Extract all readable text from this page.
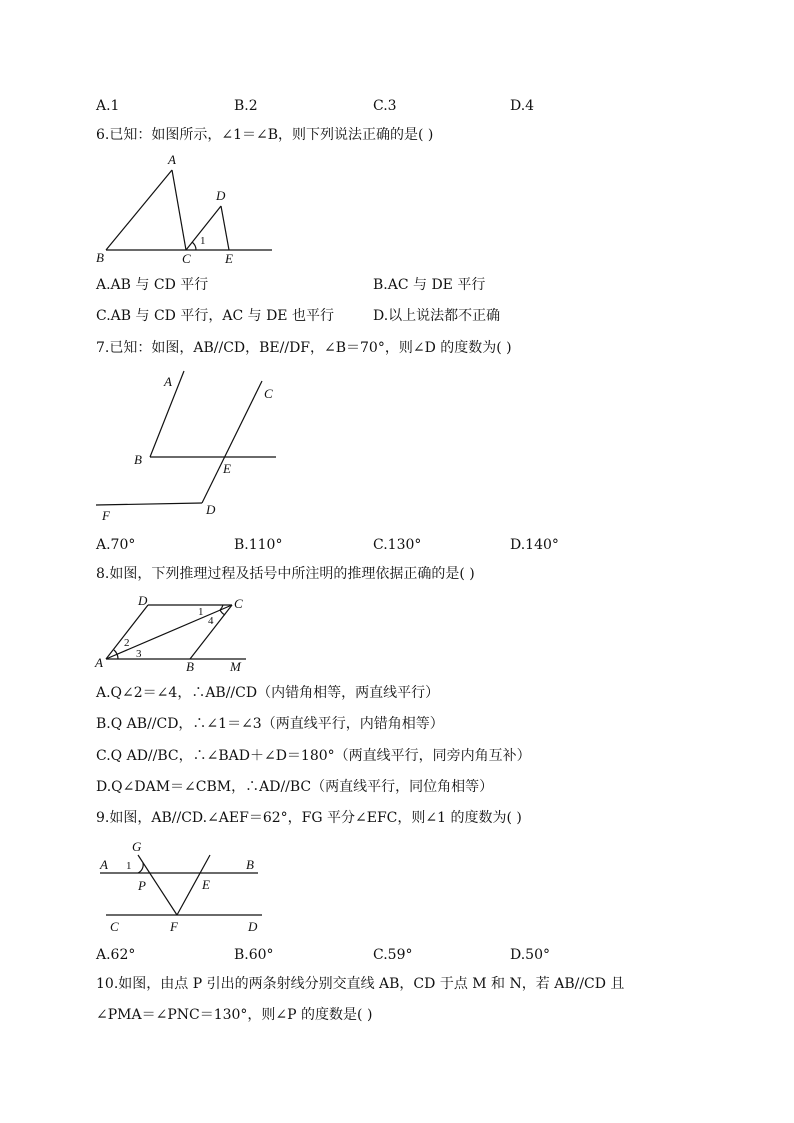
A.1	B.2	C.3	D.4
6.已知：如图所示，∠1＝∠B，则下列说法正确的是( )
A
B	C
D
E
1
A.AB 与 CD 平行	B.AC 与 DE 平行
C.AB 与 CD 平行，AC 与 DE 也平行	D.以上说法都不正确
7.已知：如图，AB//CD，BE//DF，∠B＝70°，则∠D 的度数为( )
A
B
C
D
E
F
A.70°	B.110°	C.130°	D.140°
8.如图，下列推理过程及括号中所注明的推理依据正确的是( )
D	C
A	B	M
1
2
3
4
A.Q∠2＝∠4，∴AB//CD（内错角相等，两直线平行）
B.Q AB//CD，∴∠1＝∠3（两直线平行，内错角相等）
C.Q AD//BC，∴∠BAD＋∠D＝180°（两直线平行，同旁内角互补）
D.Q∠DAM＝∠CBM，∴AD//BC（两直线平行，同位角相等）
9.如图，AB//CD.∠AEF＝62°，FG 平分∠EFC，则∠1 的度数为( )
G
A 1	B
P	E
C	F	D
A.62°	B.60°	C.59°	D.50°
10.如图，由点 P 引出的两条射线分别交直线 AB，CD 于点 M 和 N，若 AB//CD 且
∠PMA＝∠PNC＝130°，则∠P 的度数是( )
